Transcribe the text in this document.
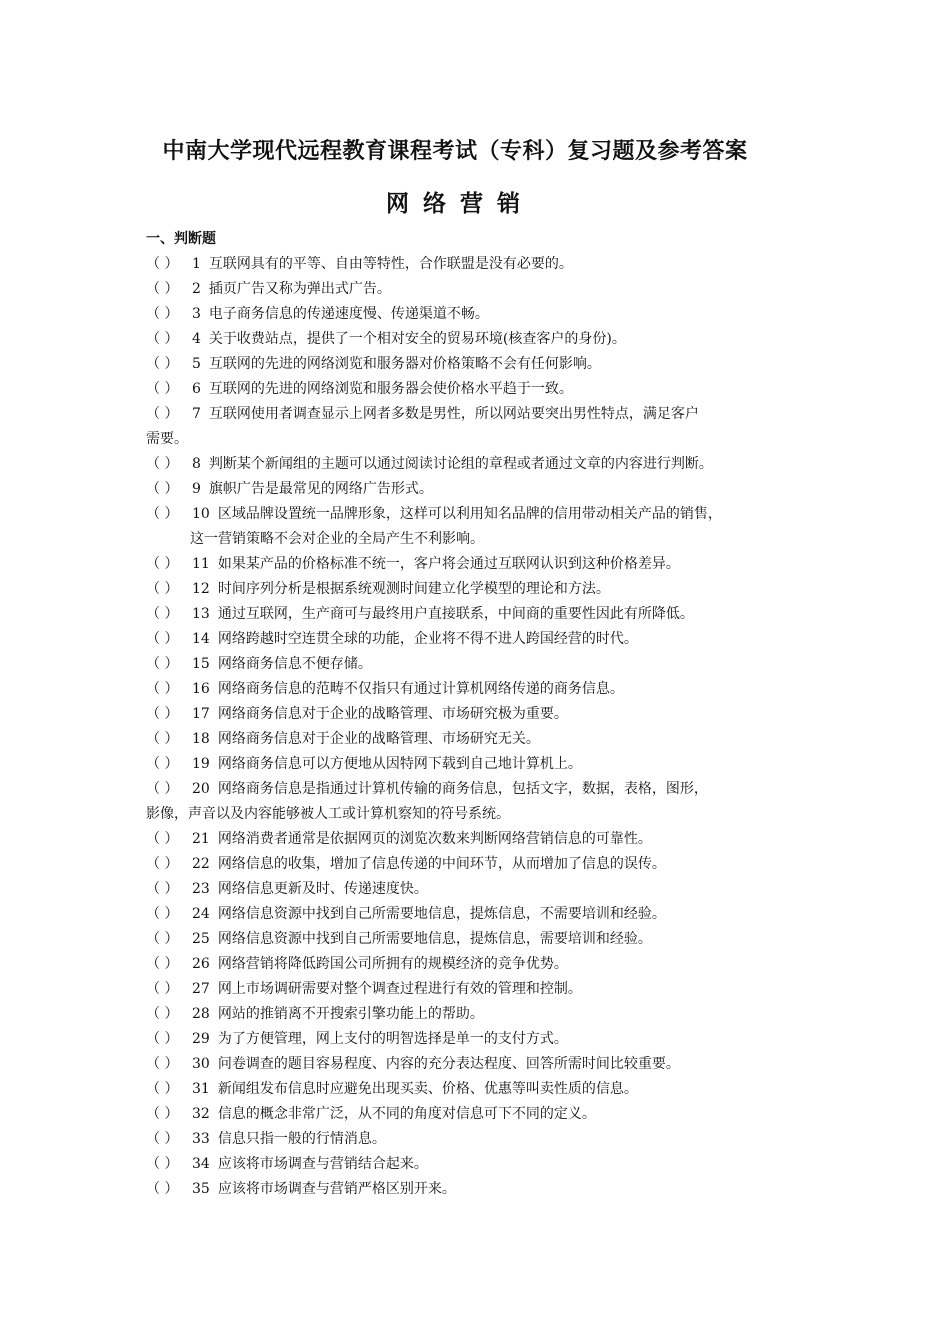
中南大学现代远程教育课程考试（专科）复习题及参考答案
网络营销
一、判断题
（ ） 1 互联网具有的平等、自由等特性，合作联盟是没有必要的。
（ ） 2 插页广告又称为弹出式广告。
（ ） 3 电子商务信息的传递速度慢、传递渠道不畅。
（ ） 4 关于收费站点，提供了一个相对安全的贸易环境(核查客户的身份)。
（ ） 5 互联网的先进的网络浏览和服务器对价格策略不会有任何影响。
（ ） 6 互联网的先进的网络浏览和服务器会使价格水平趋于一致。
（ ） 7 互联网使用者调查显示上网者多数是男性，所以网站要突出男性特点，满足客户
需要。
（ ） 8 判断某个新闻组的主题可以通过阅读讨论组的章程或者通过文章的内容进行判断。
（ ） 9 旗帜广告是最常见的网络广告形式。
（ ） 10 区域品牌设置统一品牌形象，这样可以利用知名品牌的信用带动相关产品的销售，
这一营销策略不会对企业的全局产生不利影响。
（ ） 11 如果某产品的价格标准不统一，客户将会通过互联网认识到这种价格差异。
（ ） 12 时间序列分析是根据系统观测时间建立化学模型的理论和方法。
（ ） 13 通过互联网，生产商可与最终用户直接联系，中间商的重要性因此有所降低。
（ ） 14 网络跨越时空连贯全球的功能，企业将不得不进人跨国经营的时代。
（ ） 15 网络商务信息不便存储。
（ ） 16 网络商务信息的范畴不仅指只有通过计算机网络传递的商务信息。
（ ） 17 网络商务信息对于企业的战略管理、市场研究极为重要。
（ ） 18 网络商务信息对于企业的战略管理、市场研究无关。
（ ） 19 网络商务信息可以方便地从因特网下载到自己地计算机上。
（ ） 20 网络商务信息是指通过计算机传输的商务信息，包括文字，数据，表格，图形，
影像，声音以及内容能够被人工或计算机察知的符号系统。
（ ） 21 网络消费者通常是依据网页的浏览次数来判断网络营销信息的可靠性。
（ ） 22 网络信息的收集，增加了信息传递的中间环节，从而增加了信息的误传。
（ ） 23 网络信息更新及时、传递速度快。
（ ） 24 网络信息资源中找到自己所需要地信息，提炼信息，不需要培训和经验。
（ ） 25 网络信息资源中找到自己所需要地信息，提炼信息，需要培训和经验。
（ ） 26 网络营销将降低跨国公司所拥有的规模经济的竞争优势。
（ ） 27 网上市场调研需要对整个调查过程进行有效的管理和控制。
（ ） 28 网站的推销离不开搜索引擎功能上的帮助。
（ ） 29 为了方便管理，网上支付的明智选择是单一的支付方式。
（ ） 30 问卷调查的题目容易程度、内容的充分表达程度、回答所需时间比较重要。
（ ） 31 新闻组发布信息时应避免出现买卖、价格、优惠等叫卖性质的信息。
（ ） 32 信息的概念非常广泛，从不同的角度对信息可下不同的定义。
（ ） 33 信息只指一般的行情消息。
（ ） 34 应该将市场调查与营销结合起来。
（ ） 35 应该将市场调查与营销严格区别开来。
